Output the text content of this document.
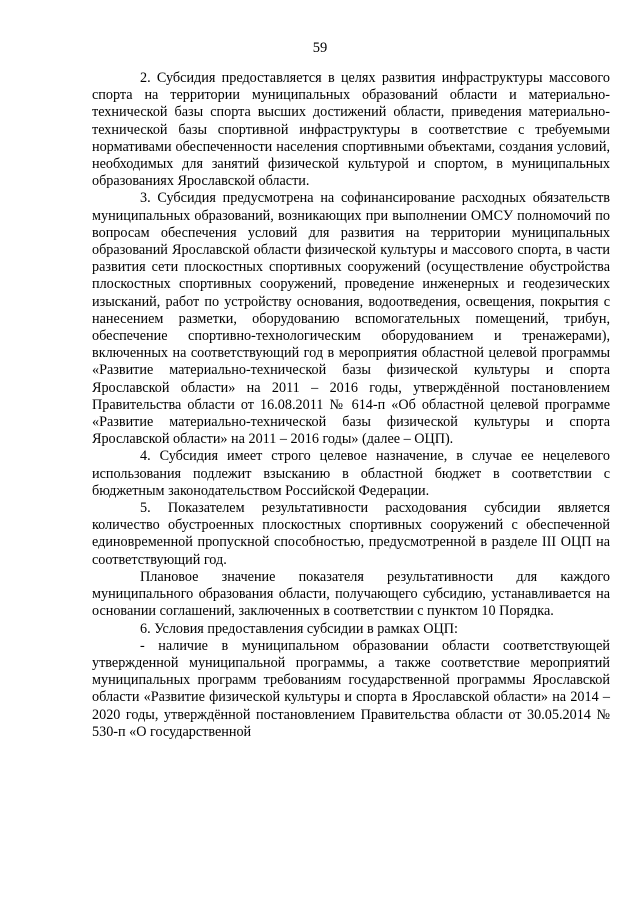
59

2. Субсидия предоставляется в целях развития инфраструктуры массового спорта на территории муниципальных образований области и материально-технической базы спорта высших достижений области, приведения материально-технической базы спортивной инфраструктуры в соответствие с требуемыми нормативами обеспеченности населения спортивными объектами, создания условий, необходимых для занятий физической культурой и спортом, в муниципальных образованиях Ярославской области.

3. Субсидия предусмотрена на софинансирование расходных обязательств муниципальных образований, возникающих при выполнении ОМСУ полномочий по вопросам обеспечения условий для развития на территории муниципальных образований Ярославской области физической культуры и массового спорта, в части развития сети плоскостных спортивных сооружений (осуществление обустройства плоскостных спортивных сооружений, проведение инженерных и геодезических изысканий, работ по устройству основания, водоотведения, освещения, покрытия с нанесением разметки, оборудованию вспомогательных помещений, трибун, обеспечение спортивно-технологическим оборудованием и тренажерами), включенных на соответствующий год в мероприятия областной целевой программы «Развитие материально-технической базы физической культуры и спорта Ярославской области» на 2011 – 2016 годы, утверждённой постановлением Правительства области от 16.08.2011 № 614-п «Об областной целевой программе «Развитие материально-технической базы физической культуры и спорта Ярославской области» на 2011 – 2016 годы» (далее – ОЦП).

4. Субсидия имеет строго целевое назначение, в случае ее нецелевого использования подлежит взысканию в областной бюджет в соответствии с бюджетным законодательством Российской Федерации.

5. Показателем результативности расходования субсидии является количество обустроенных плоскостных спортивных сооружений с обеспеченной единовременной пропускной способностью, предусмотренной в разделе III ОЦП на соответствующий год.

Плановое значение показателя результативности для каждого муниципального образования области, получающего субсидию, устанавливается на основании соглашений, заключенных в соответствии с пунктом 10 Порядка.

6. Условия предоставления субсидии в рамках ОЦП:

- наличие в муниципальном образовании области соответствующей утвержденной муниципальной программы, а также соответствие мероприятий муниципальных программ требованиям государственной программы Ярославской области «Развитие физической культуры и спорта в Ярославской области» на 2014 – 2020 годы, утверждённой постановлением Правительства области от 30.05.2014 № 530-п «О государственной
